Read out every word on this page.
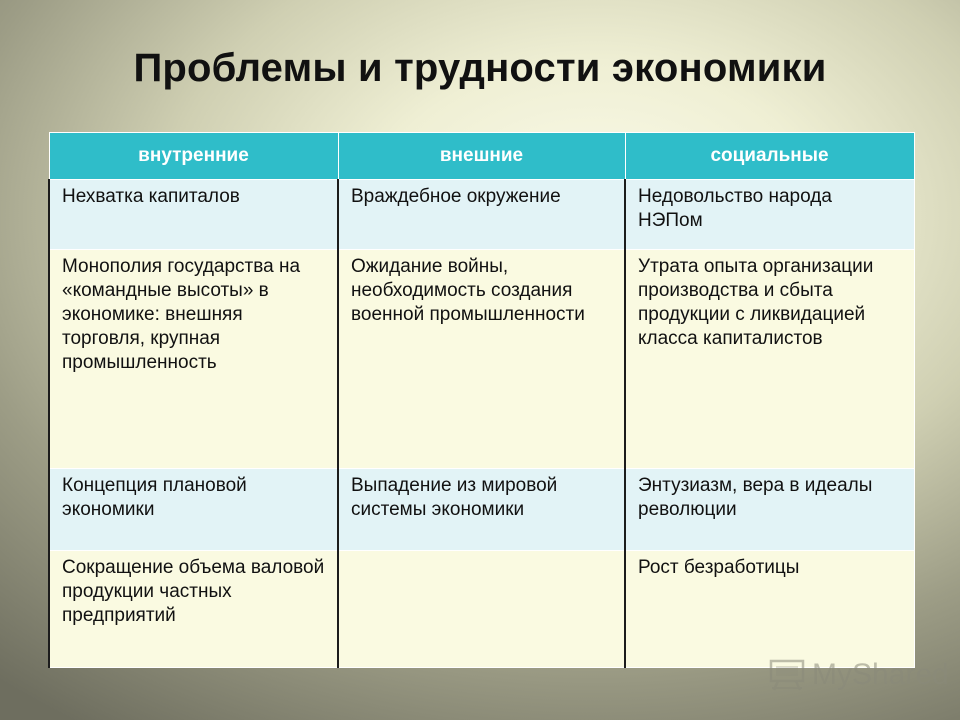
Проблемы и трудности экономики
внутренние	внешние	социальные
Нехватка капиталов	Враждебное окружение	Недовольство народа НЭПом
Монополия государства на «командные высоты» в экономике: внешняя торговля, крупная промышленность	Ожидание войны, необходимость создания военной промышленности	Утрата опыта организации производства и сбыта продукции с ликвидацией класса капиталистов
Концепция плановой экономики	Выпадение из мировой системы экономики	Энтузиазм, вера в идеалы революции
Сокращение объема валовой продукции частных предприятий		Рост безработицы
MyShared
